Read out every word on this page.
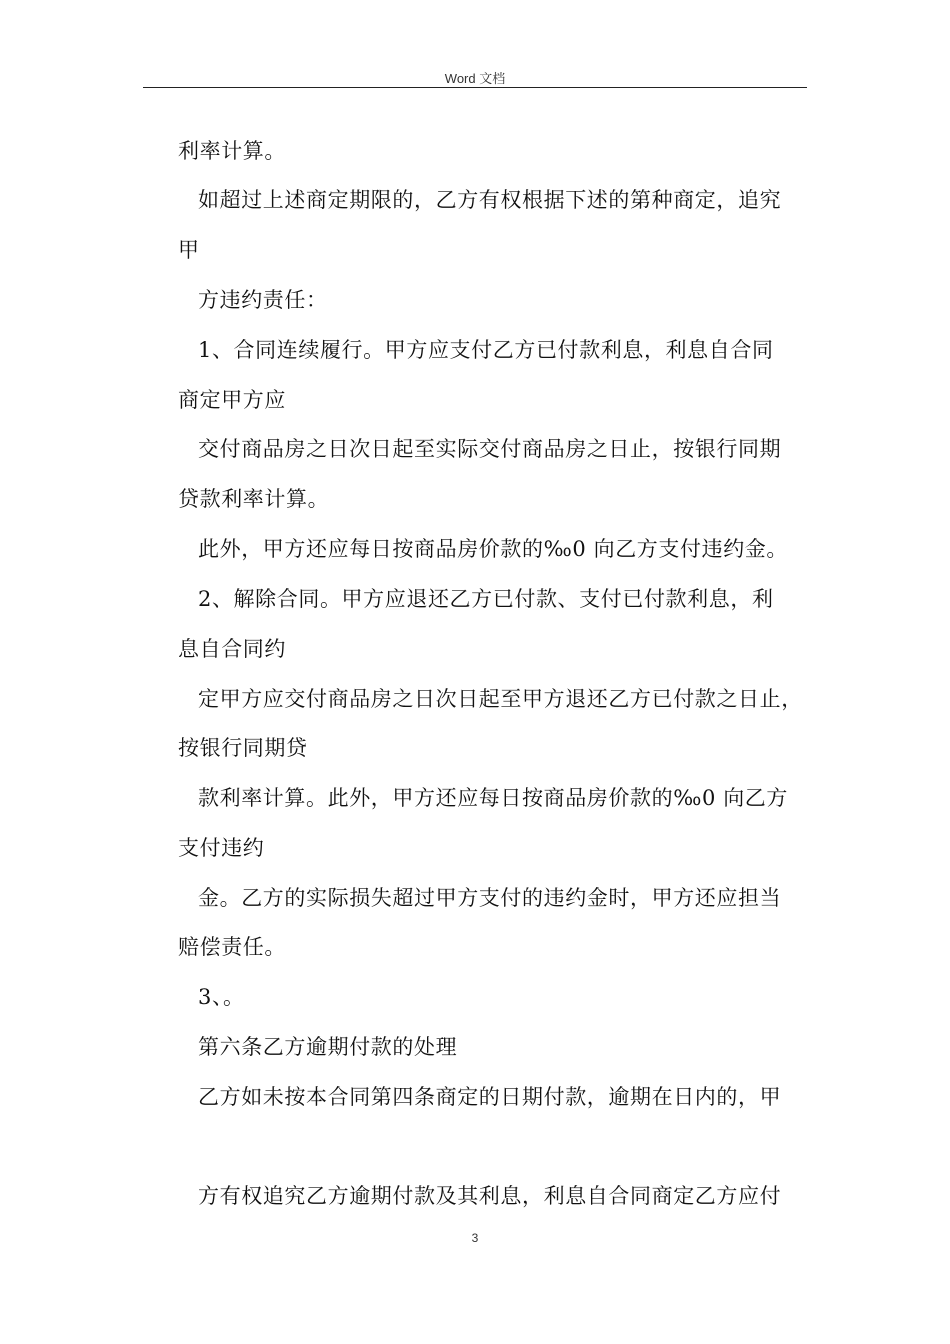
Word 文档
利率计算。
如超过上述商定期限的，乙方有权根据下述的第种商定，追究
甲
方违约责任：
1、合同连续履行。甲方应支付乙方已付款利息，利息自合同
商定甲方应
交付商品房之日次日起至实际交付商品房之日止，按银行同期
贷款利率计算。
此外，甲方还应每日按商品房价款的‰0 向乙方支付违约金。
2、解除合同。甲方应退还乙方已付款、支付已付款利息，利
息自合同约
定甲方应交付商品房之日次日起至甲方退还乙方已付款之日止，
按银行同期贷
款利率计算。此外，甲方还应每日按商品房价款的‰0 向乙方
支付违约
金。乙方的实际损失超过甲方支付的违约金时，甲方还应担当
赔偿责任。
3、。
第六条乙方逾期付款的处理
乙方如未按本合同第四条商定的日期付款，逾期在日内的，甲
方有权追究乙方逾期付款及其利息，利息自合同商定乙方应付
3
